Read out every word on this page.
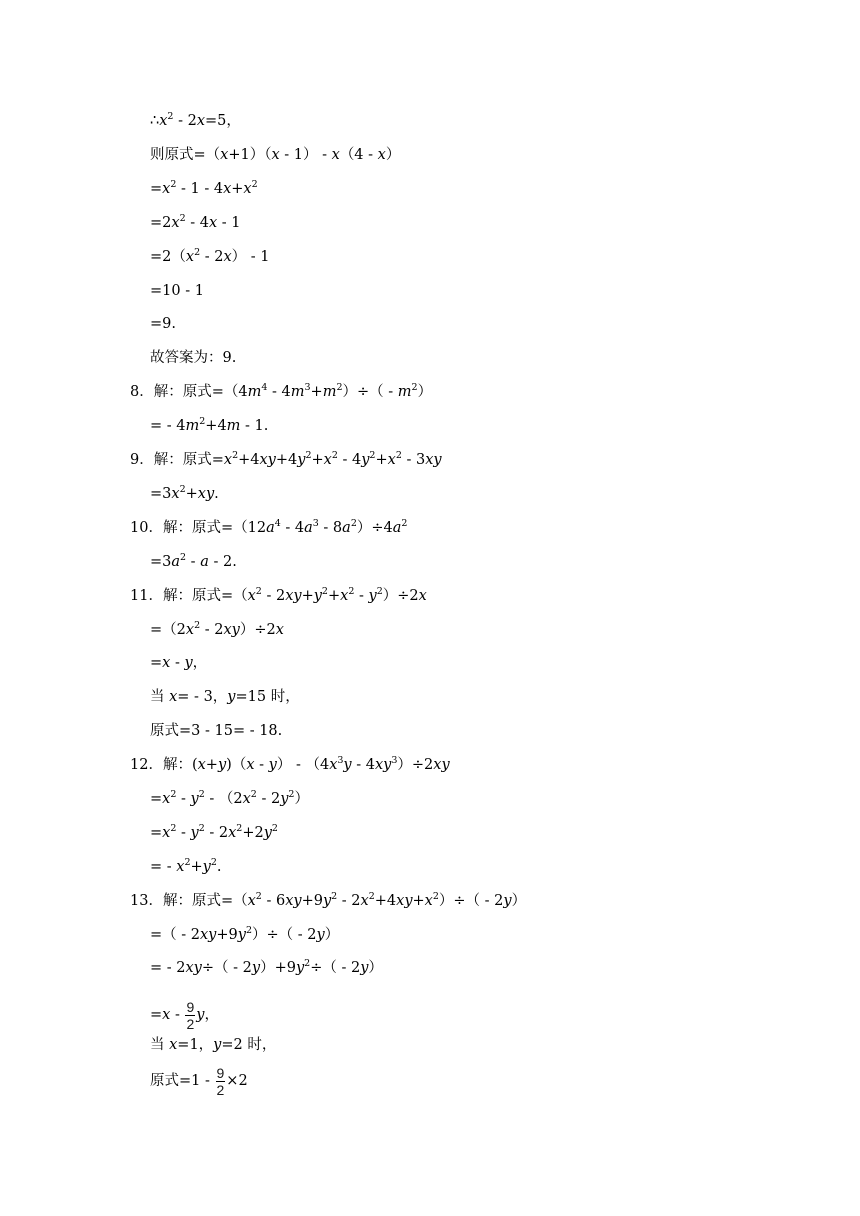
$\therefore x^2 - 2x=5$，
则原式=（x+1）（x - 1） - x（4 - x）
$=x^2 - 1 - 4x+x^2$
$=2x^2 - 4x - 1$
$=2(x^2 - 2x) - 1$
=10 - 1
=9.
故答案为：9.
8．解：原式$=(4m^4 - 4m^3+m^2)\div( - m^2)$
= - $4m^2+4m - 1$.
9．解：原式$=x^2+4xy+4y^2+x^2 - 4y^2+x^2 - 3xy$
$=3x^2+xy$.
10．解：原式$=(12a^4 - 4a^3 - 8a^2)\div 4a^2$
$=3a^2 - a - 2$.
11．解：原式$=(x^2 - 2xy+y^2+x^2 - y^2)\div 2x$
$=(2x^2 - 2xy)\div 2x$
=x - y，
当 x= - 3，y=15 时，
原式=3 - 15= - 18.
12．解：$(x+y)(x - y) - (4x^3y - 4xy^3)\div 2xy$
$=x^2 - y^2 - (2x^2 - 2y^2)$
$=x^2 - y^2 - 2x^2+2y^2$
= - $x^2+y^2$.
13．解：原式$=(x^2 - 6xy+9y^2 - 2x^2+4xy+x^2)\div( - 2y)$
=（ - $2xy+9y^2)\div( - 2y)$
= - $2xy\div( - 2y)+9y^2\div( - 2y)$
$=x - \frac{9}{2}$ y，
当 x=1，y=2 时，
原式$=1 - \frac{9}{2} \times 2$
